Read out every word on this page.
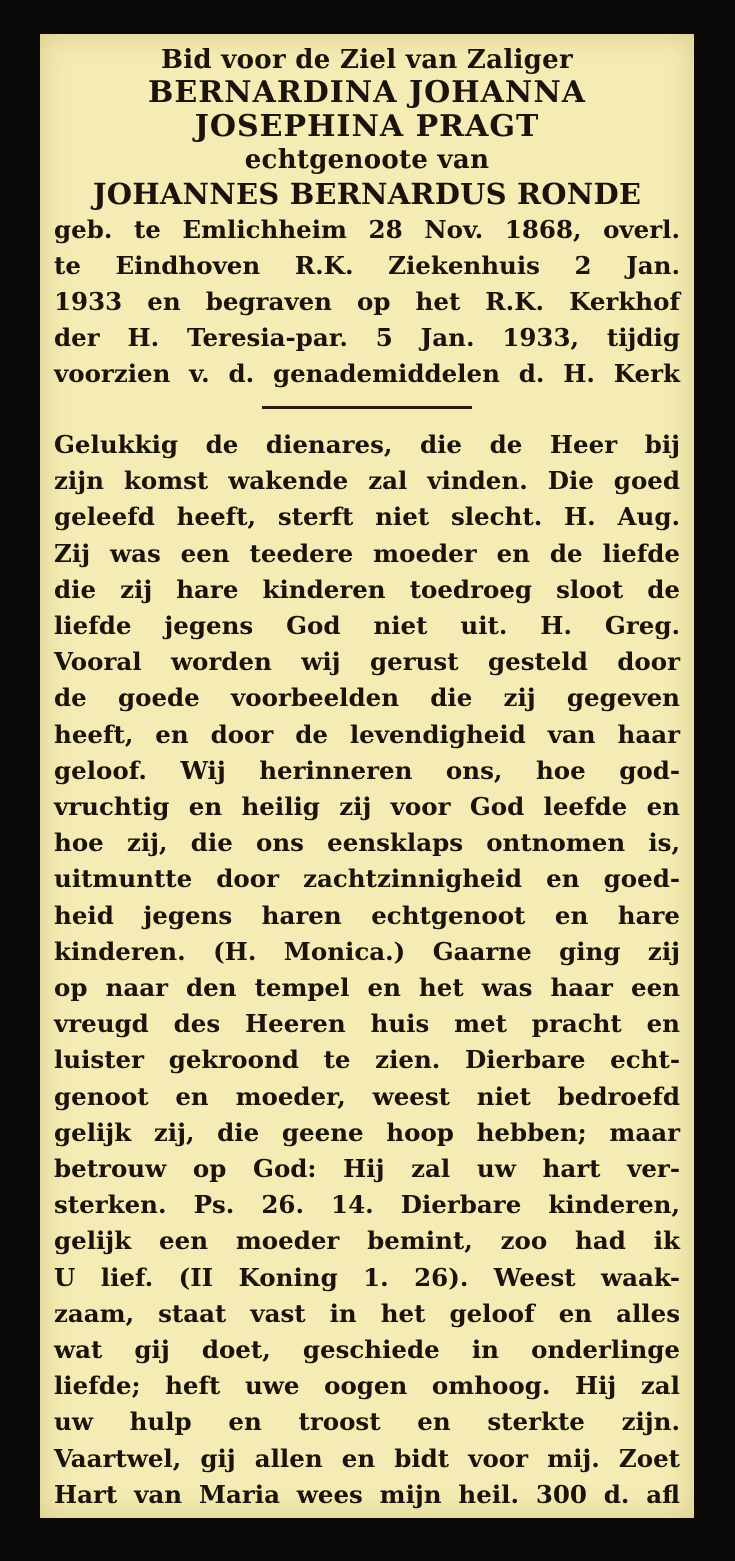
Bid voor de Ziel van Zaliger
BERNARDINA JOHANNA
JOSEPHINA PRAGT
echtgenoote van
JOHANNES BERNARDUS RONDE
geb. te Emlichheim 28 Nov. 1868, overl.
te Eindhoven R.K. Ziekenhuis 2 Jan.
1933 en begraven op het R.K. Kerkhof
der H. Teresia-par. 5 Jan. 1933, tijdig
voorzien v. d. genademiddelen d. H. Kerk
Gelukkig de dienares, die de Heer bij
zijn komst wakende zal vinden. Die goed
geleefd heeft, sterft niet slecht. H. Aug.
Zij was een teedere moeder en de liefde
die zij hare kinderen toedroeg sloot de
liefde jegens God niet uit. H. Greg.
Vooral worden wij gerust gesteld door
de goede voorbeelden die zij gegeven
heeft, en door de levendigheid van haar
geloof. Wij herinneren ons, hoe god-
vruchtig en heilig zij voor God leefde en
hoe zij, die ons eensklaps ontnomen is,
uitmuntte door zachtzinnigheid en goed-
heid jegens haren echtgenoot en hare
kinderen. (H. Monica.) Gaarne ging zij
op naar den tempel en het was haar een
vreugd des Heeren huis met pracht en
luister gekroond te zien. Dierbare echt-
genoot en moeder, weest niet bedroefd
gelijk zij, die geene hoop hebben; maar
betrouw op God: Hij zal uw hart ver-
sterken. Ps. 26. 14. Dierbare kinderen,
gelijk een moeder bemint, zoo had ik
U lief. (II Koning 1. 26). Weest waak-
zaam, staat vast in het geloof en alles
wat gij doet, geschiede in onderlinge
liefde; heft uwe oogen omhoog. Hij zal
uw hulp en troost en sterkte zijn.
Vaartwel, gij allen en bidt voor mij. Zoet
Hart van Maria wees mijn heil. 300 d. afl
